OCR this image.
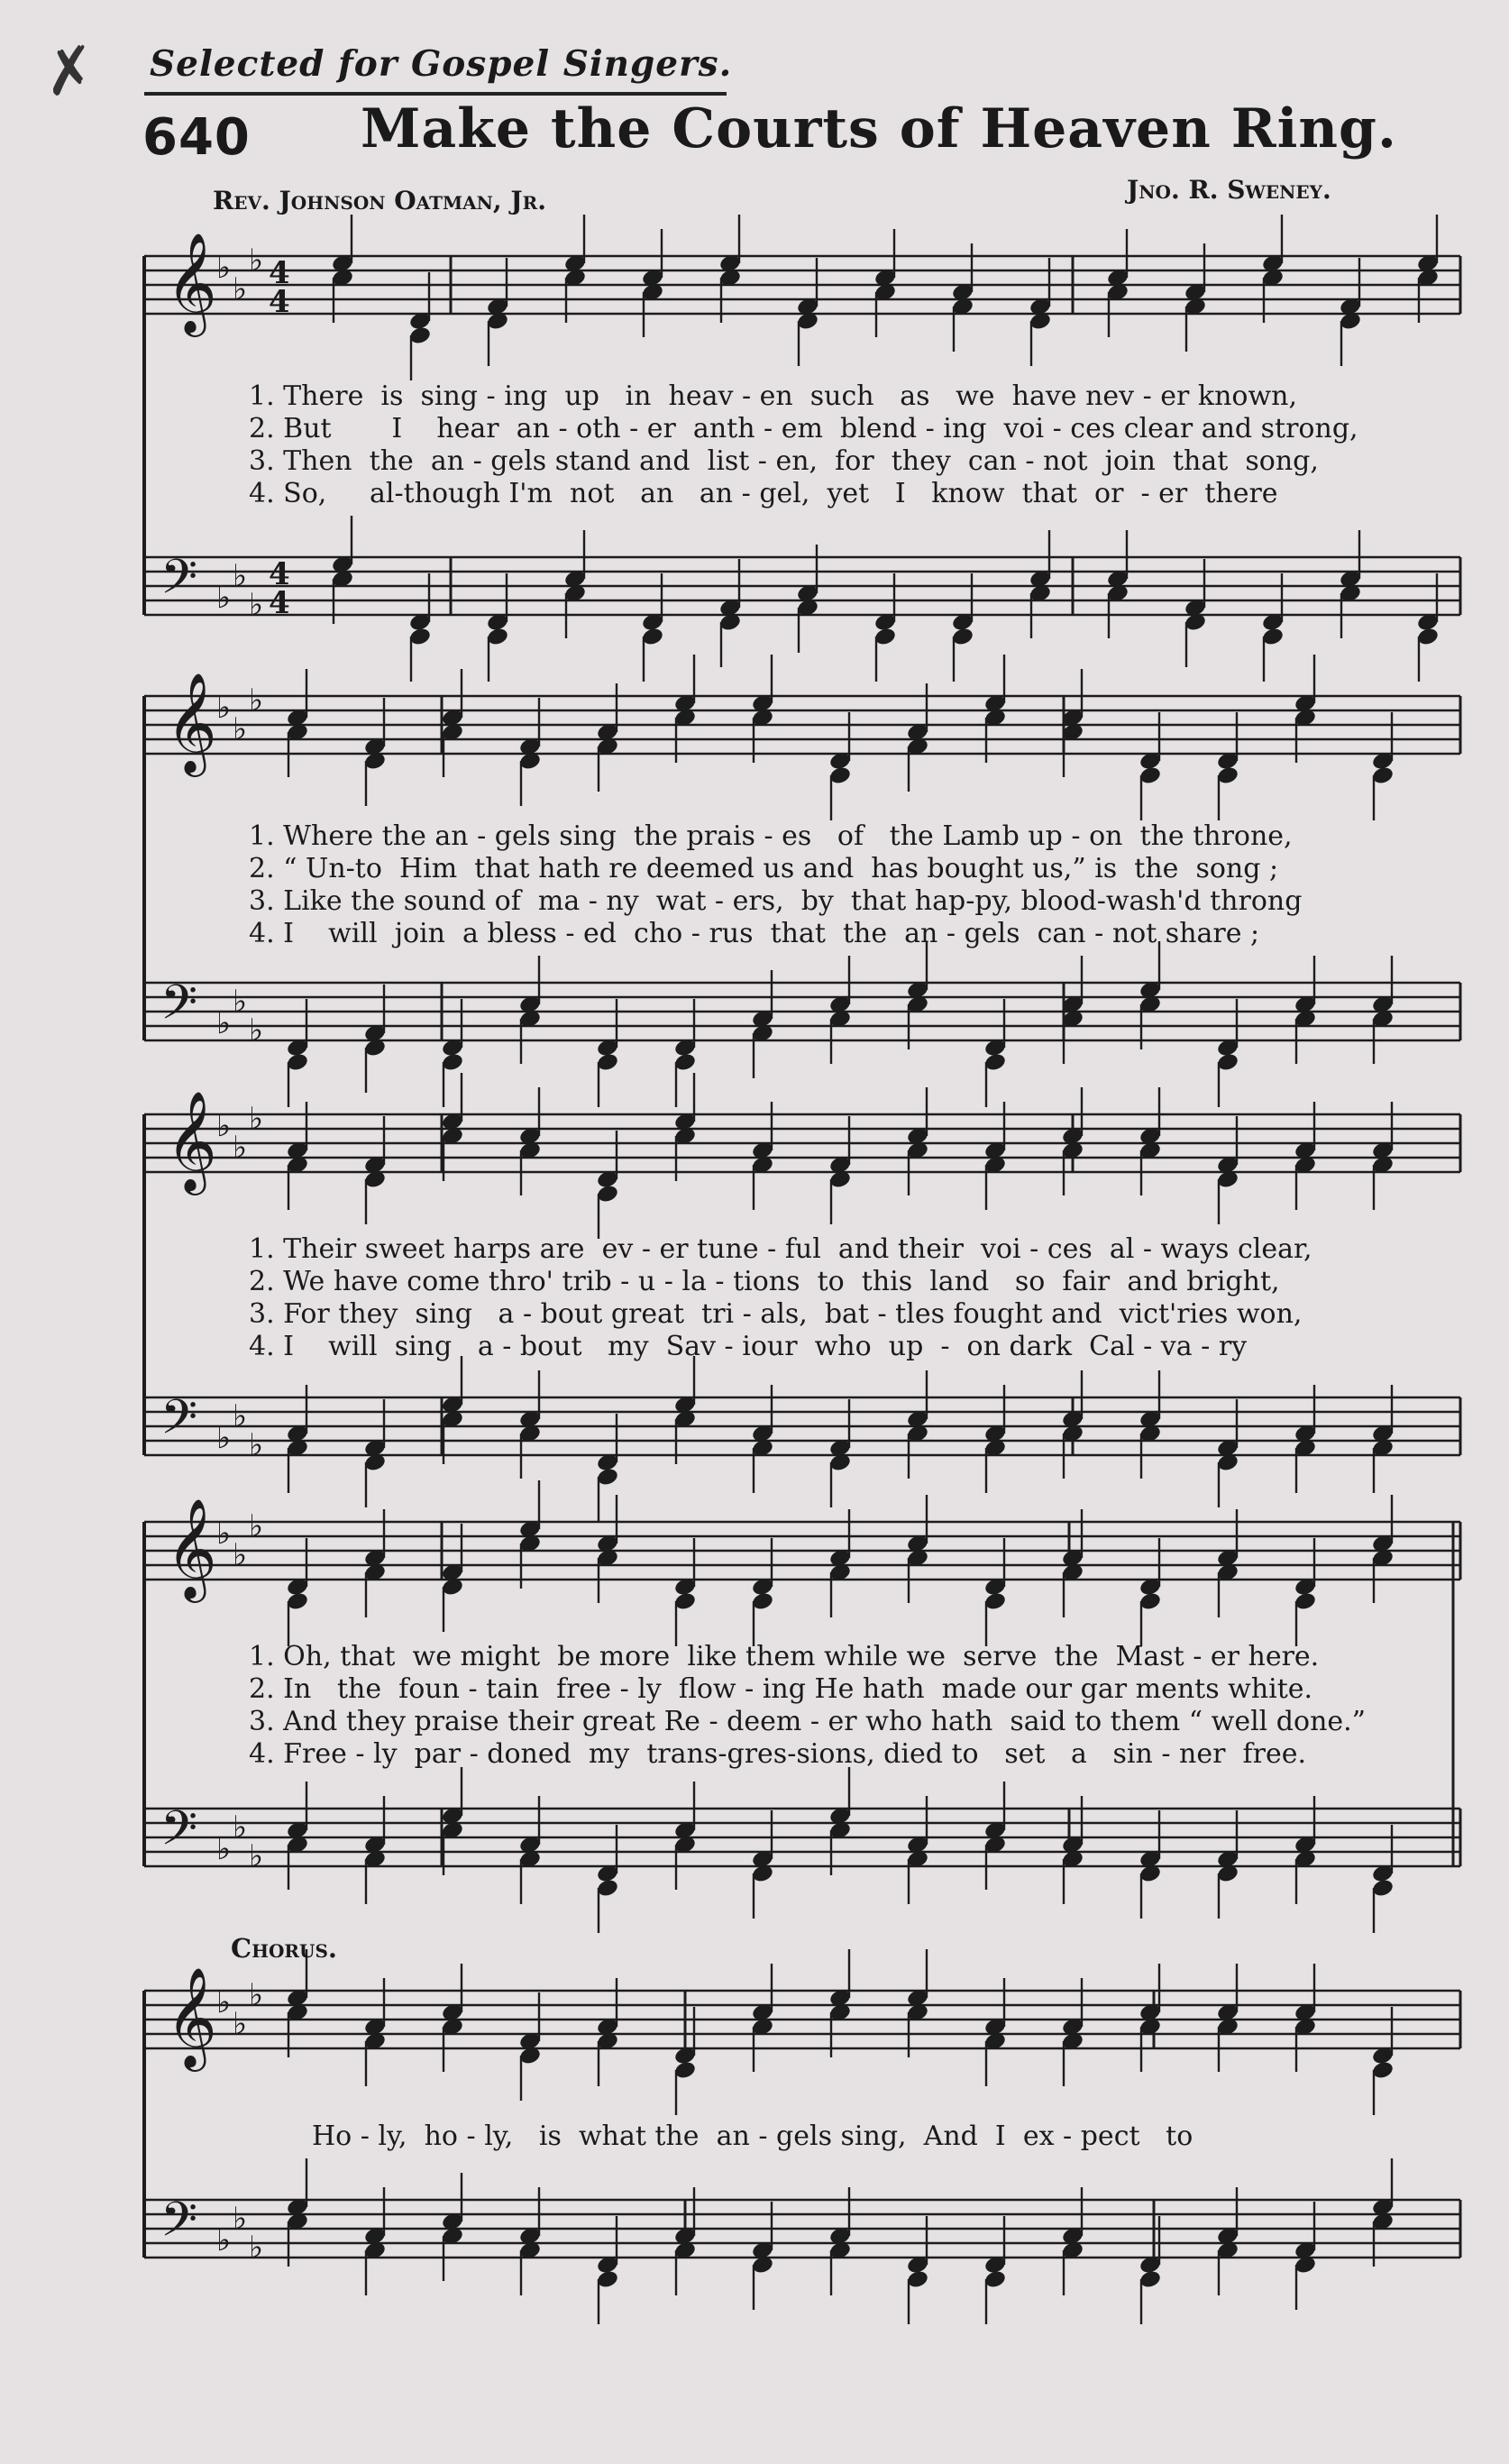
✗ Selected for Gospel Singers.
640 Make the Courts of Heaven Ring.
Rev. Johnson Oatman, Jr.	Jno. R. Sweney.
𝄞 ♭
♭
♭ 4
4
𝄢 ♭
♭
♭
4
4
𝄞 ♭
♭
♭
𝄢 ♭
♭
♭
𝄞 ♭
♭
♭
𝄢 ♭
♭
♭
𝄞 ♭
♭
♭
𝄢 ♭
♭
♭
𝄞 ♭
♭
♭
𝄢 ♭
♭
♭
1. There  is  sing - ing  up   in  heav - en  such   as   we  have nev - er known,
2. But       I    hear  an - oth - er  anth - em  blend - ing  voi - ces clear and strong,
3. Then  the  an - gels stand and  list - en,  for  they  can - not  join  that  song,
4. So,     al-though I'm  not   an   an - gel,  yet   I   know  that  or  - er  there
1. Where the an - gels sing  the prais - es   of   the Lamb up - on  the throne,
2. “ Un-to  Him  that hath re deemed us and  has bought us,” is  the  song ;
3. Like the sound of  ma - ny  wat - ers,  by  that hap-py, blood-wash'd throng
4. I    will  join  a bless - ed  cho - rus  that  the  an - gels  can - not share ;
1. Their sweet harps are  ev - er tune - ful  and their  voi - ces  al - ways clear,
2. We have come thro' trib - u - la - tions  to  this  land   so  fair  and bright,
3. For they  sing   a - bout great  tri - als,  bat - tles fought and  vict'ries won,
4. I    will  sing   a - bout   my  Sav - iour  who  up  -  on dark  Cal - va - ry
1. Oh, that  we might  be more  like them while we  serve  the  Mast - er here.
2. In   the  foun - tain  free - ly  flow - ing He hath  made our gar ments white.
3. And they praise their great Re - deem - er who hath  said to them “ well done.”
4. Free - ly  par - doned  my  trans-gres-sions, died to   set   a   sin - ner  free.
Chorus.
Ho - ly,  ho - ly,   is  what the  an - gels sing,  And  I  ex - pect   to
